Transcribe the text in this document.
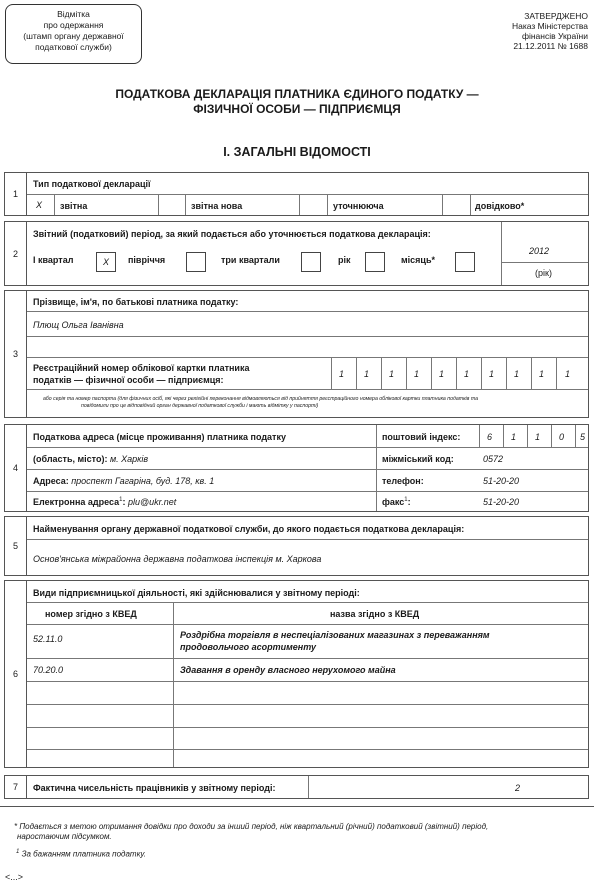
Відмітка
про одержання
(штамп органу державної
податкової служби)
ЗАТВЕРДЖЕНО
Наказ Міністерства
фінансів України
21.12.2011 № 1688
ПОДАТКОВА ДЕКЛАРАЦІЯ ПЛАТНИКА ЄДИНОГО ПОДАТКУ —
ФІЗИЧНОЇ ОСОБИ — ПІДПРИЄМЦЯ
І. ЗАГАЛЬНІ ВІДОМОСТІ
1
Тип податкової декларації
X звітна	звітна нова	уточнююча	довідково*
2
Звітний (податковий) період, за який подається або уточнюється податкова декларація:
І квартал	X	півріччя	три квартали	рік	місяць*
2012
(рік)
3
Прізвище, ім'я, по батькові платника податку:
Плющ Ольга Іванівна
Реєстраційний номер облікової картки платника
податків — фізичної особи — підприємця:
1 1 1 1 1 1 1 1 1 1
або серія та номер паспорта (для фізичних осіб, які через релігійні переконання відмовляються від прийняття реєстраційного номера облікової картки платника податків та
повідомили про це відповідний орган державної податкової служби і мають відмітку у паспорті)
4
Податкова адреса (місце проживання) платника податку
(область, місто): м. Харків
Адреса: проспект Гагаріна, буд. 178, кв. 1
Електронна адреса$^1$: plu@ukr.net
поштовий індекс:	6 1 1 0 5
міжміський код:	0572
телефон:	51-20-20
факс$^1$:	51-20-20
5
Найменування органу державної податкової служби, до якого подається податкова декларація:
Основ'янська міжрайонна державна податкова інспекція м. Харкова
6
Види підприємницької діяльності, які здійснювалися у звітному періоді:
номер згідно з КВЕД	назва згідно з КВЕД
52.11.0	Роздрібна торгівля в неспеціалізованих магазинах з переважанням
продовольчого асортименту
70.20.0	Здавання в оренду власного нерухомого майна
7	Фактична чисельність працівників у звітному періоді:	2
* Подається з метою отримання довідки про доходи за інший період, ніж квартальний (річний) податковий (звітний) період,
наростаючим підсумком.
$^1$ За бажанням платника податку.
<...>
